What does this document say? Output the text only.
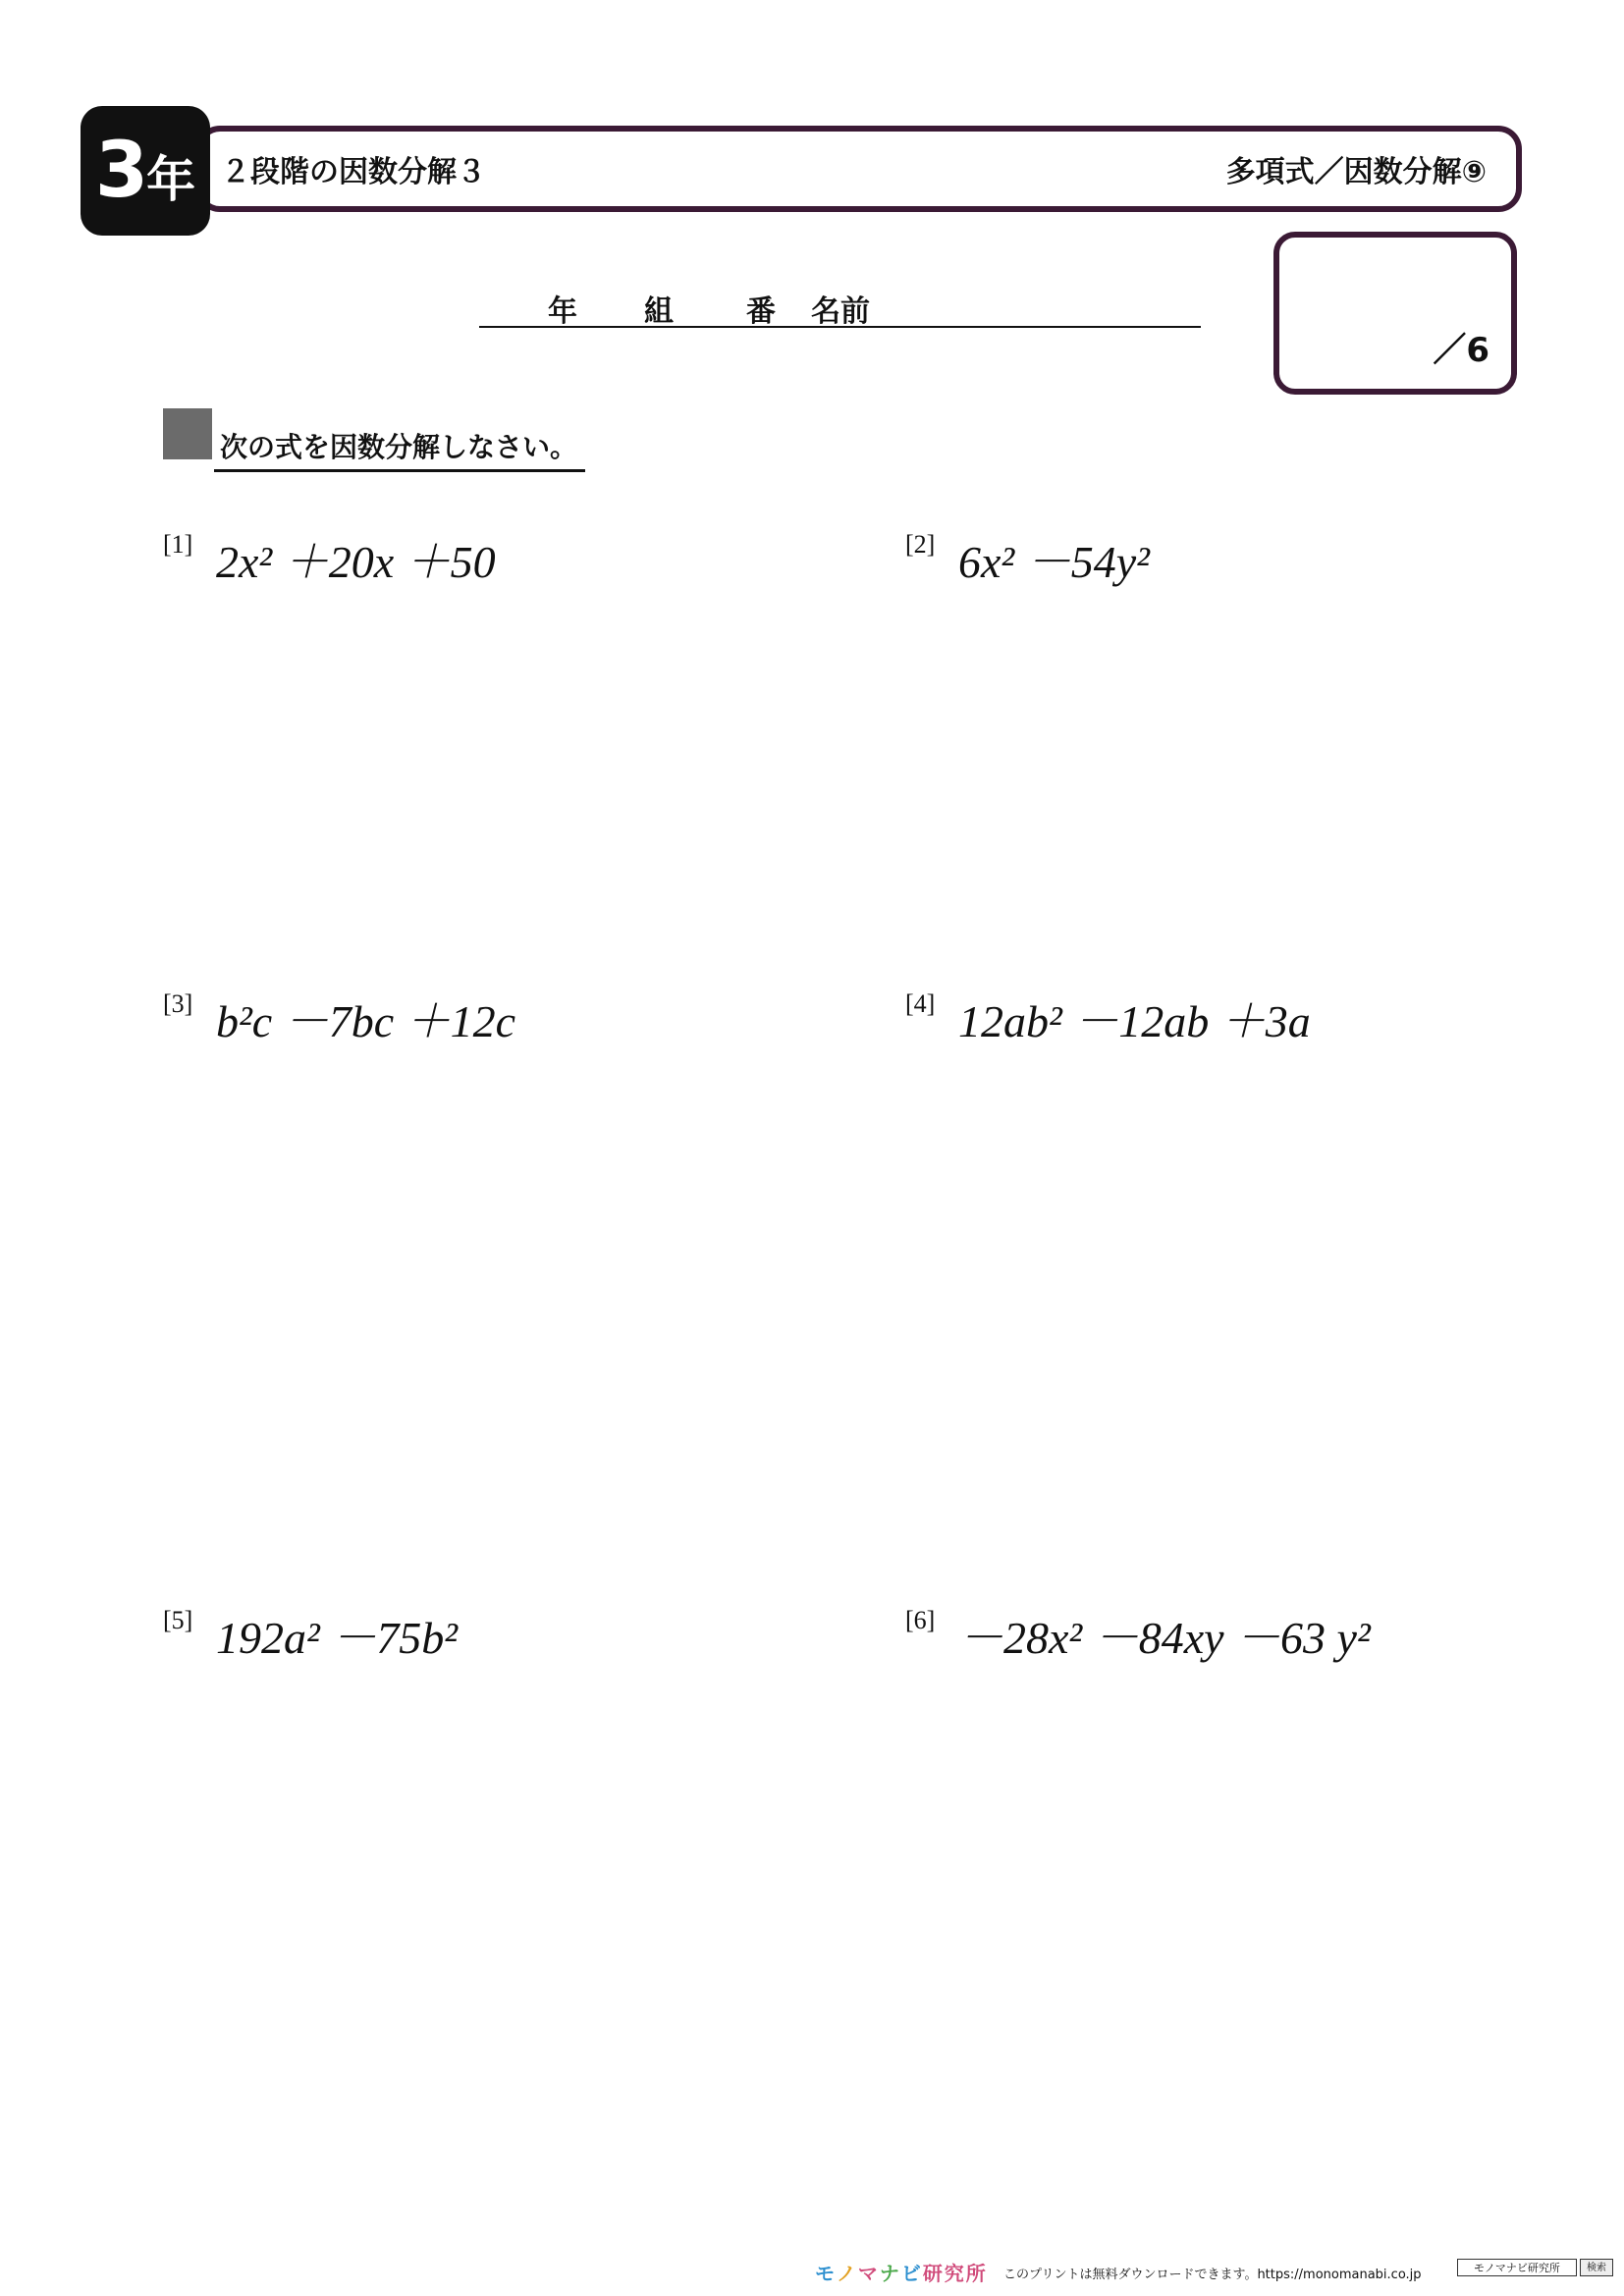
3 年 ２段階の因数分解３	多項式／因数分解⑨
／6
年 組 番 名前
次の式を因数分解しなさい。
[1] 2x² ＋20x ＋50	[2] 6x² －54y²
[3] b²c －7bc ＋12c	[4] 12ab² －12ab ＋3a
[5] 192a² －75b²	[6] －28x² －84xy －63 y²
モノマナビ研究所 このプリントは無料ダウンロードできます。https://monomanabi.co.jp	モノマナビ研究所	検索
